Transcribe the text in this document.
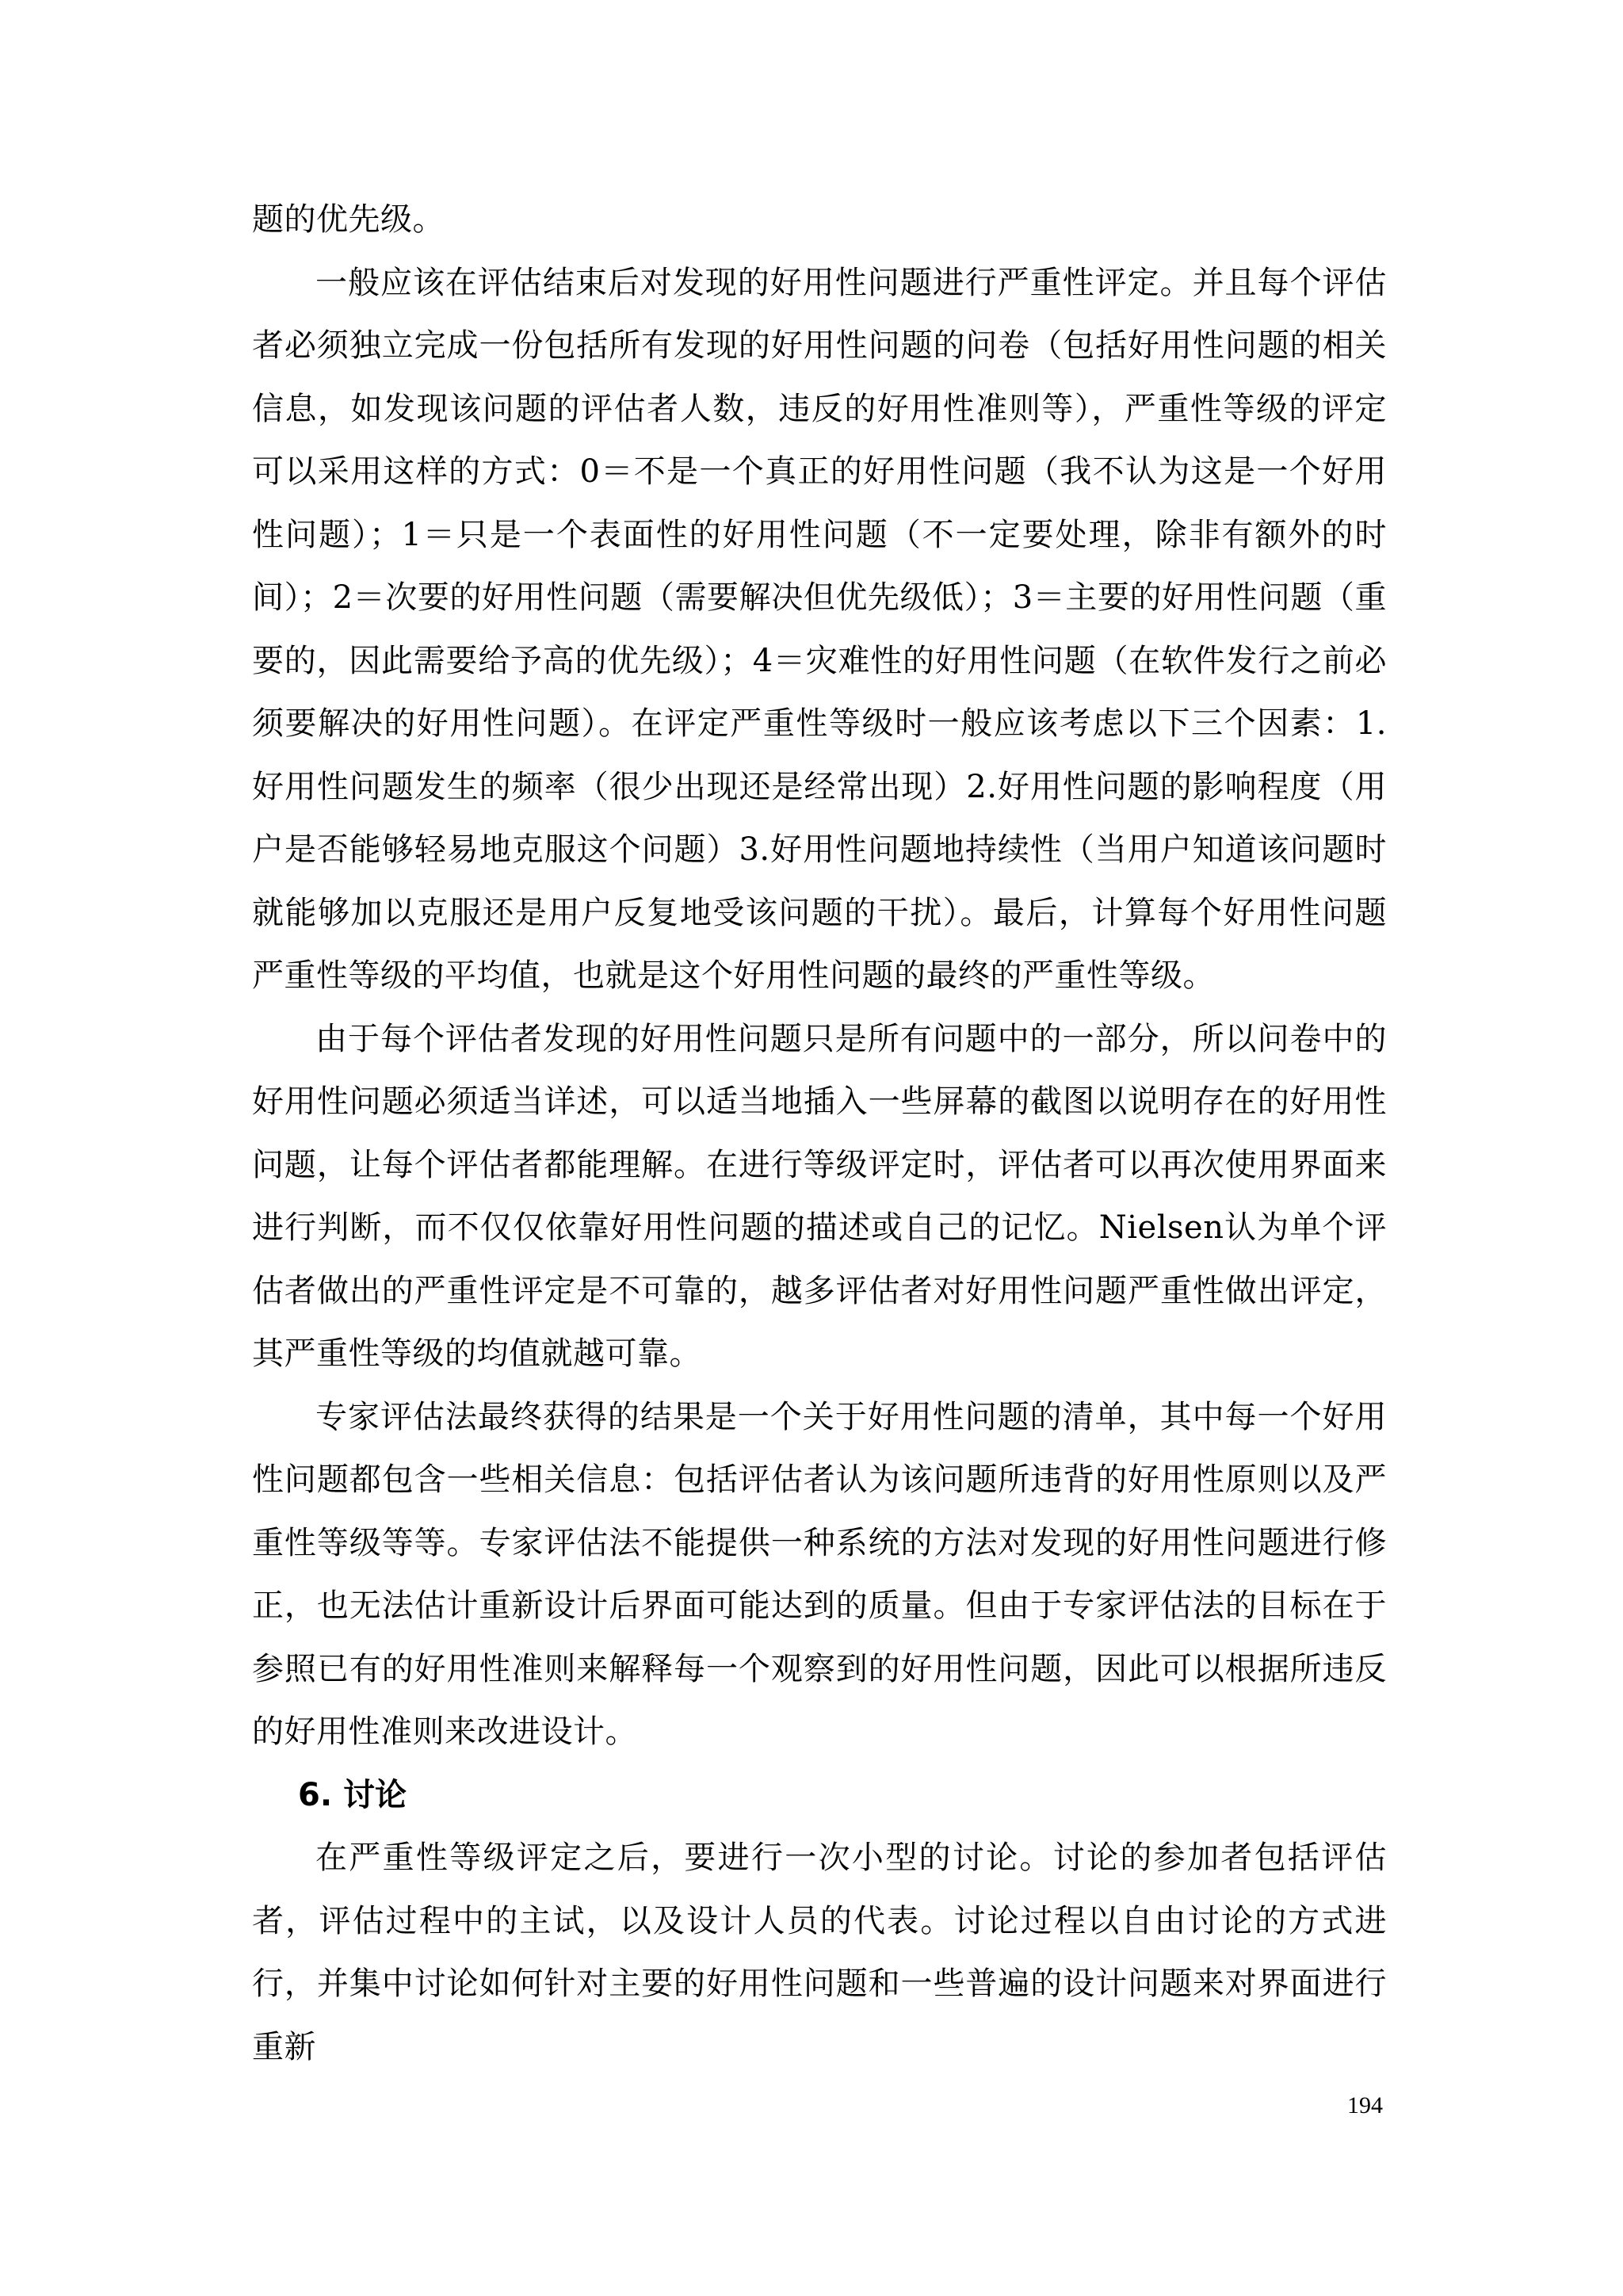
题的优先级。

一般应该在评估结束后对发现的好用性问题进行严重性评定。并且每个评估者必须独立完成一份包括所有发现的好用性问题的问卷（包括好用性问题的相关信息，如发现该问题的评估者人数，违反的好用性准则等），严重性等级的评定可以采用这样的方式：0＝不是一个真正的好用性问题（我不认为这是一个好用性问题）；1＝只是一个表面性的好用性问题（不一定要处理，除非有额外的时间）；2＝次要的好用性问题（需要解决但优先级低）；3＝主要的好用性问题（重要的，因此需要给予高的优先级）；4＝灾难性的好用性问题（在软件发行之前必须要解决的好用性问题）。在评定严重性等级时一般应该考虑以下三个因素：1.好用性问题发生的频率（很少出现还是经常出现）2.好用性问题的影响程度（用户是否能够轻易地克服这个问题）3.好用性问题地持续性（当用户知道该问题时就能够加以克服还是用户反复地受该问题的干扰）。最后，计算每个好用性问题严重性等级的平均值，也就是这个好用性问题的最终的严重性等级。

由于每个评估者发现的好用性问题只是所有问题中的一部分，所以问卷中的好用性问题必须适当详述，可以适当地插入一些屏幕的截图以说明存在的好用性问题，让每个评估者都能理解。在进行等级评定时，评估者可以再次使用界面来进行判断，而不仅仅依靠好用性问题的描述或自己的记忆。Nielsen认为单个评估者做出的严重性评定是不可靠的，越多评估者对好用性问题严重性做出评定，其严重性等级的均值就越可靠。

专家评估法最终获得的结果是一个关于好用性问题的清单，其中每一个好用性问题都包含一些相关信息：包括评估者认为该问题所违背的好用性原则以及严重性等级等等。专家评估法不能提供一种系统的方法对发现的好用性问题进行修正，也无法估计重新设计后界面可能达到的质量。但由于专家评估法的目标在于参照已有的好用性准则来解释每一个观察到的好用性问题，因此可以根据所违反的好用性准则来改进设计。

6. 讨论

在严重性等级评定之后，要进行一次小型的讨论。讨论的参加者包括评估者，评估过程中的主试，以及设计人员的代表。讨论过程以自由讨论的方式进行，并集中讨论如何针对主要的好用性问题和一些普遍的设计问题来对界面进行重新

194
